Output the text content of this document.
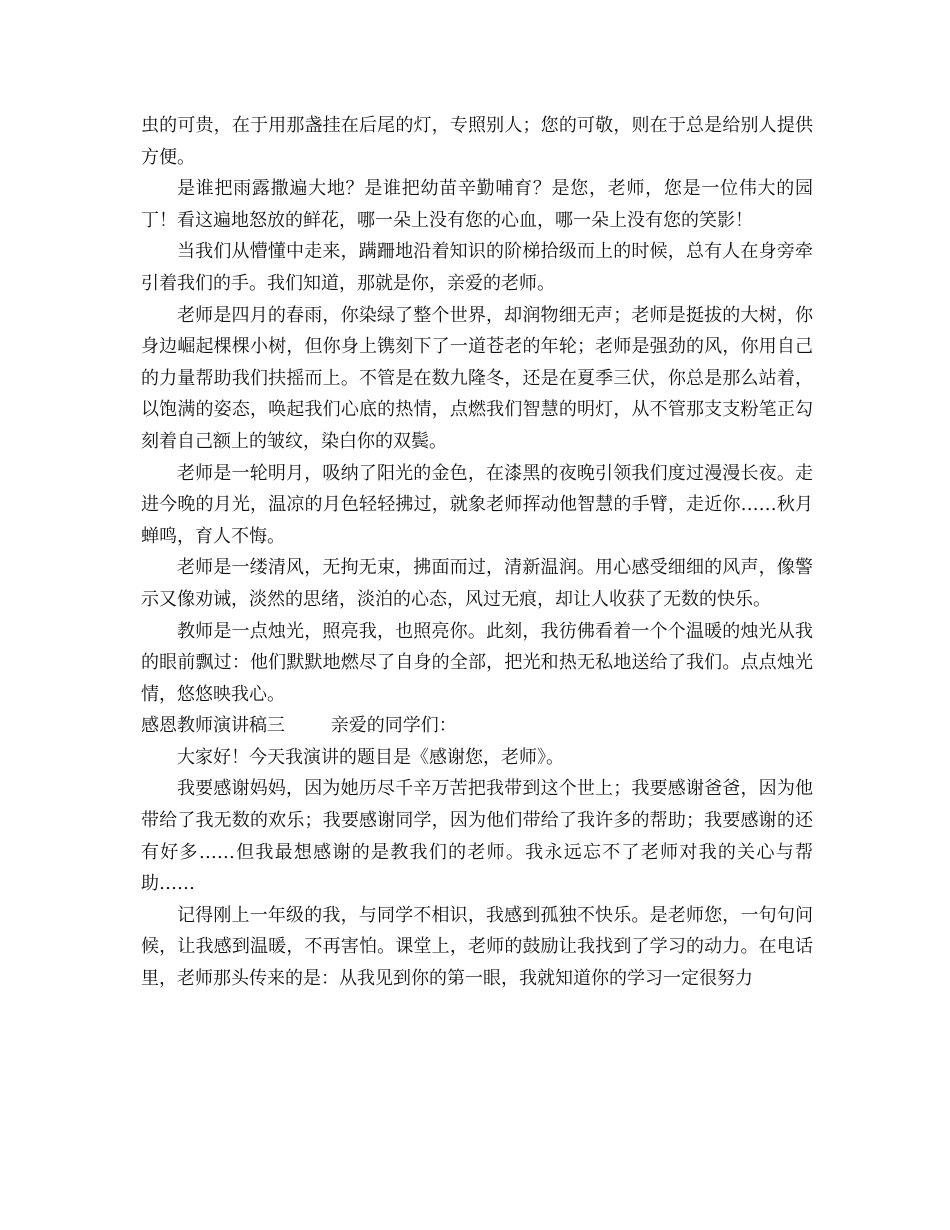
虫的可贵，在于用那盏挂在后尾的灯，专照别人；您的可敬，则在于总是给别人提供方便。

是谁把雨露撒遍大地？是谁把幼苗辛勤哺育？是您，老师，您是一位伟大的园丁！看这遍地怒放的鲜花，哪一朵上没有您的心血，哪一朵上没有您的笑影！

当我们从懵懂中走来，蹒跚地沿着知识的阶梯拾级而上的时候，总有人在身旁牵引着我们的手。我们知道，那就是你，亲爱的老师。

老师是四月的春雨，你染绿了整个世界，却润物细无声；老师是挺拔的大树，你身边崛起棵棵小树，但你身上镌刻下了一道苍老的年轮；老师是强劲的风，你用自己的力量帮助我们扶摇而上。不管是在数九隆冬，还是在夏季三伏，你总是那么站着，以饱满的姿态，唤起我们心底的热情，点燃我们智慧的明灯，从不管那支支粉笔正勾刻着自己额上的皱纹，染白你的双鬓。

老师是一轮明月，吸纳了阳光的金色，在漆黑的夜晚引领我们度过漫漫长夜。走进今晚的月光，温凉的月色轻轻拂过，就象老师挥动他智慧的手臂，走近你……秋月蝉鸣，育人不悔。

老师是一缕清风，无拘无束，拂面而过，清新温润。用心感受细细的风声，像警示又像劝诫，淡然的思绪，淡泊的心态，风过无痕，却让人收获了无数的快乐。

教师是一点烛光，照亮我，也照亮你。此刻，我彷佛看着一个个温暖的烛光从我的眼前飘过：他们默默地燃尽了自身的全部，把光和热无私地送给了我们。点点烛光情，悠悠映我心。

感恩教师演讲稿三        亲爱的同学们：

大家好！今天我演讲的题目是《感谢您，老师》。

我要感谢妈妈，因为她历尽千辛万苦把我带到这个世上；我要感谢爸爸，因为他带给了我无数的欢乐；我要感谢同学，因为他们带给了我许多的帮助；我要感谢的还有好多……但我最想感谢的是教我们的老师。我永远忘不了老师对我的关心与帮助……

记得刚上一年级的我，与同学不相识，我感到孤独不快乐。是老师您，一句句问候，让我感到温暖，不再害怕。课堂上，老师的鼓励让我找到了学习的动力。在电话里，老师那头传来的是：从我见到你的第一眼，我就知道你的学习一定很努力
